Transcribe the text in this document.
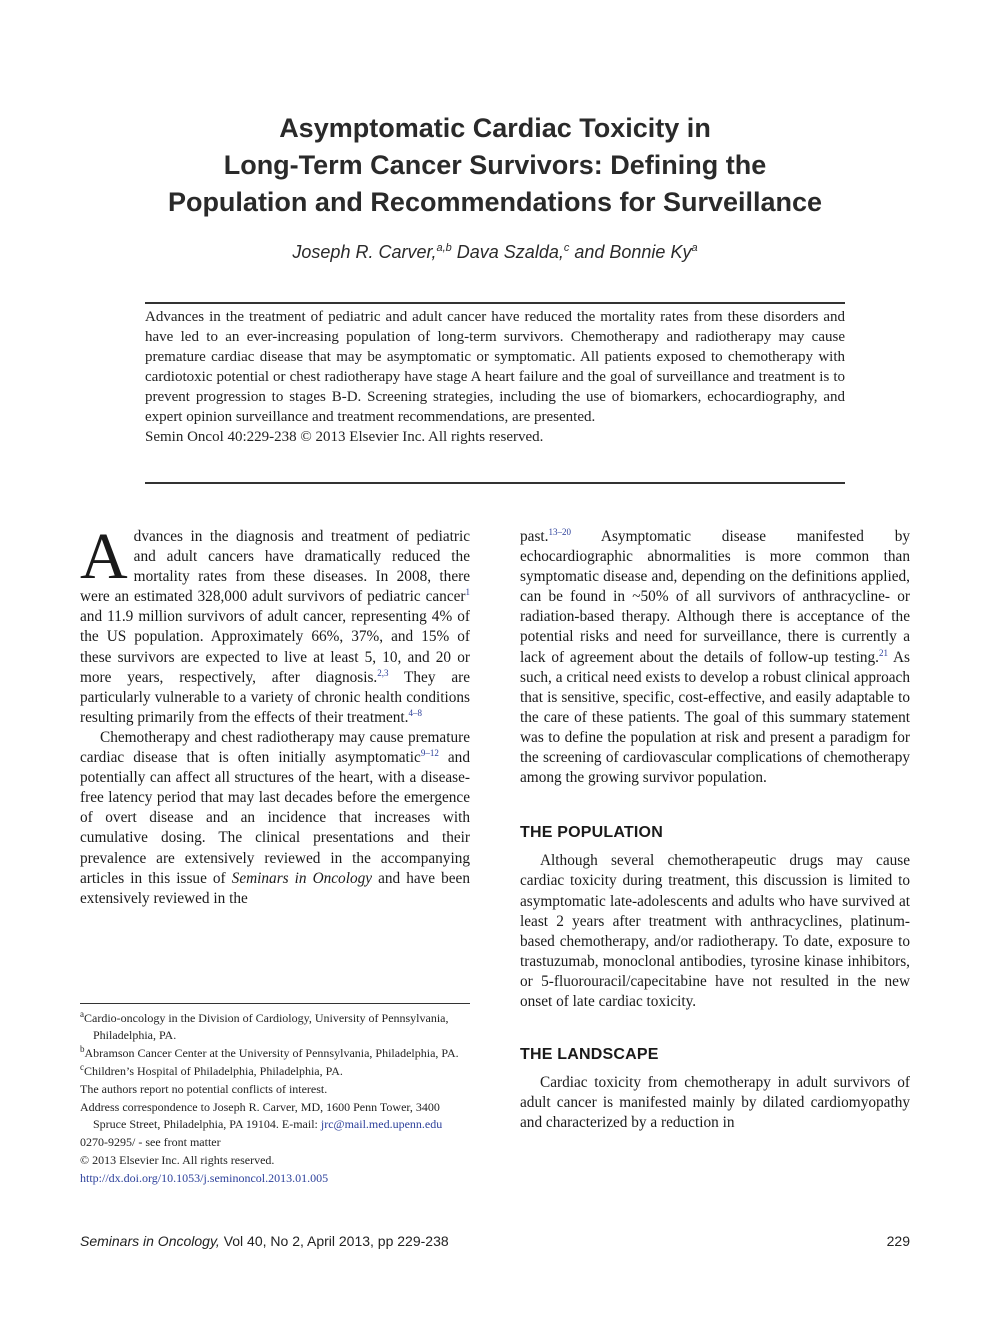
Asymptomatic Cardiac Toxicity in
Long-Term Cancer Survivors: Defining the
Population and Recommendations for Surveillance
Joseph R. Carver,$^{a,b}$ Dava Szalda,$^c$ and Bonnie Ky$^a$

Advances in the treatment of pediatric and adult cancer have reduced the mortality rates from these disorders and have led to an ever-increasing population of long-term survivors. Chemotherapy and radiotherapy may cause premature cardiac disease that may be asymptomatic or symptomatic. All patients exposed to chemotherapy with cardiotoxic potential or chest radiotherapy have stage A heart failure and the goal of surveillance and treatment is to prevent progression to stages B-D. Screening strategies, including the use of biomarkers, echocardiography, and expert opinion surveillance and treatment recommendations, are presented.

Semin Oncol 40:229-238 © 2013 Elsevier Inc. All rights reserved.

Advances in the diagnosis and treatment of pediatric and adult cancers have dramatically reduced the mortality rates from these diseases. In 2008, there were an estimated 328,000 adult survivors of pediatric cancer$^1$ and 11.9 million survivors of adult cancer, representing 4% of the US population. Approximately 66%, 37%, and 15% of these survivors are expected to live at least 5, 10, and 20 or more years, respectively, after diagnosis.$^{2,3}$ They are particularly vulnerable to a variety of chronic health conditions resulting primarily from the effects of their treatment.$^{4-8}$

Chemotherapy and chest radiotherapy may cause premature cardiac disease that is often initially asymptomatic$^{9-12}$ and potentially can affect all structures of the heart, with a disease-free latency period that may last decades before the emergence of overt disease and an incidence that increases with cumulative dosing. The clinical presentations and their prevalence are extensively reviewed in the accompanying articles in this issue of Seminars in Oncology and have been extensively reviewed in the

$^a$Cardio-oncology in the Division of Cardiology, University of Pennsylvania, Philadelphia, PA.

$^b$Abramson Cancer Center at the University of Pennsylvania, Philadelphia, PA.

$^c$Children’s Hospital of Philadelphia, Philadelphia, PA.

The authors report no potential conflicts of interest.

Address correspondence to Joseph R. Carver, MD, 1600 Penn Tower, 3400 Spruce Street, Philadelphia, PA 19104. E-mail: jrc@mail.med.upenn.edu

0270-9295/ - see front matter

© 2013 Elsevier Inc. All rights reserved.

http://dx.doi.org/10.1053/j.seminoncol.2013.01.005

past.$^{13-20}$ Asymptomatic disease manifested by echocardiographic abnormalities is more common than symptomatic disease and, depending on the definitions applied, can be found in ~50% of all survivors of anthracycline- or radiation-based therapy. Although there is acceptance of the potential risks and need for surveillance, there is currently a lack of agreement about the details of follow-up testing.$^{21}$ As such, a critical need exists to develop a robust clinical approach that is sensitive, specific, cost-effective, and easily adaptable to the care of these patients. The goal of this summary statement was to define the population at risk and present a paradigm for the screening of cardiovascular complications of chemotherapy among the growing survivor population.

THE POPULATION

Although several chemotherapeutic drugs may cause cardiac toxicity during treatment, this discussion is limited to asymptomatic late-adolescents and adults who have survived at least 2 years after treatment with anthracyclines, platinum-based chemotherapy, and/or radiotherapy. To date, exposure to trastuzumab, monoclonal antibodies, tyrosine kinase inhibitors, or 5-fluorouracil/capecitabine have not resulted in the new onset of late cardiac toxicity.

THE LANDSCAPE

Cardiac toxicity from chemotherapy in adult survivors of adult cancer is manifested mainly by dilated cardiomyopathy and characterized by a reduction in

Seminars in Oncology, Vol 40, No 2, April 2013, pp 229-238	229
